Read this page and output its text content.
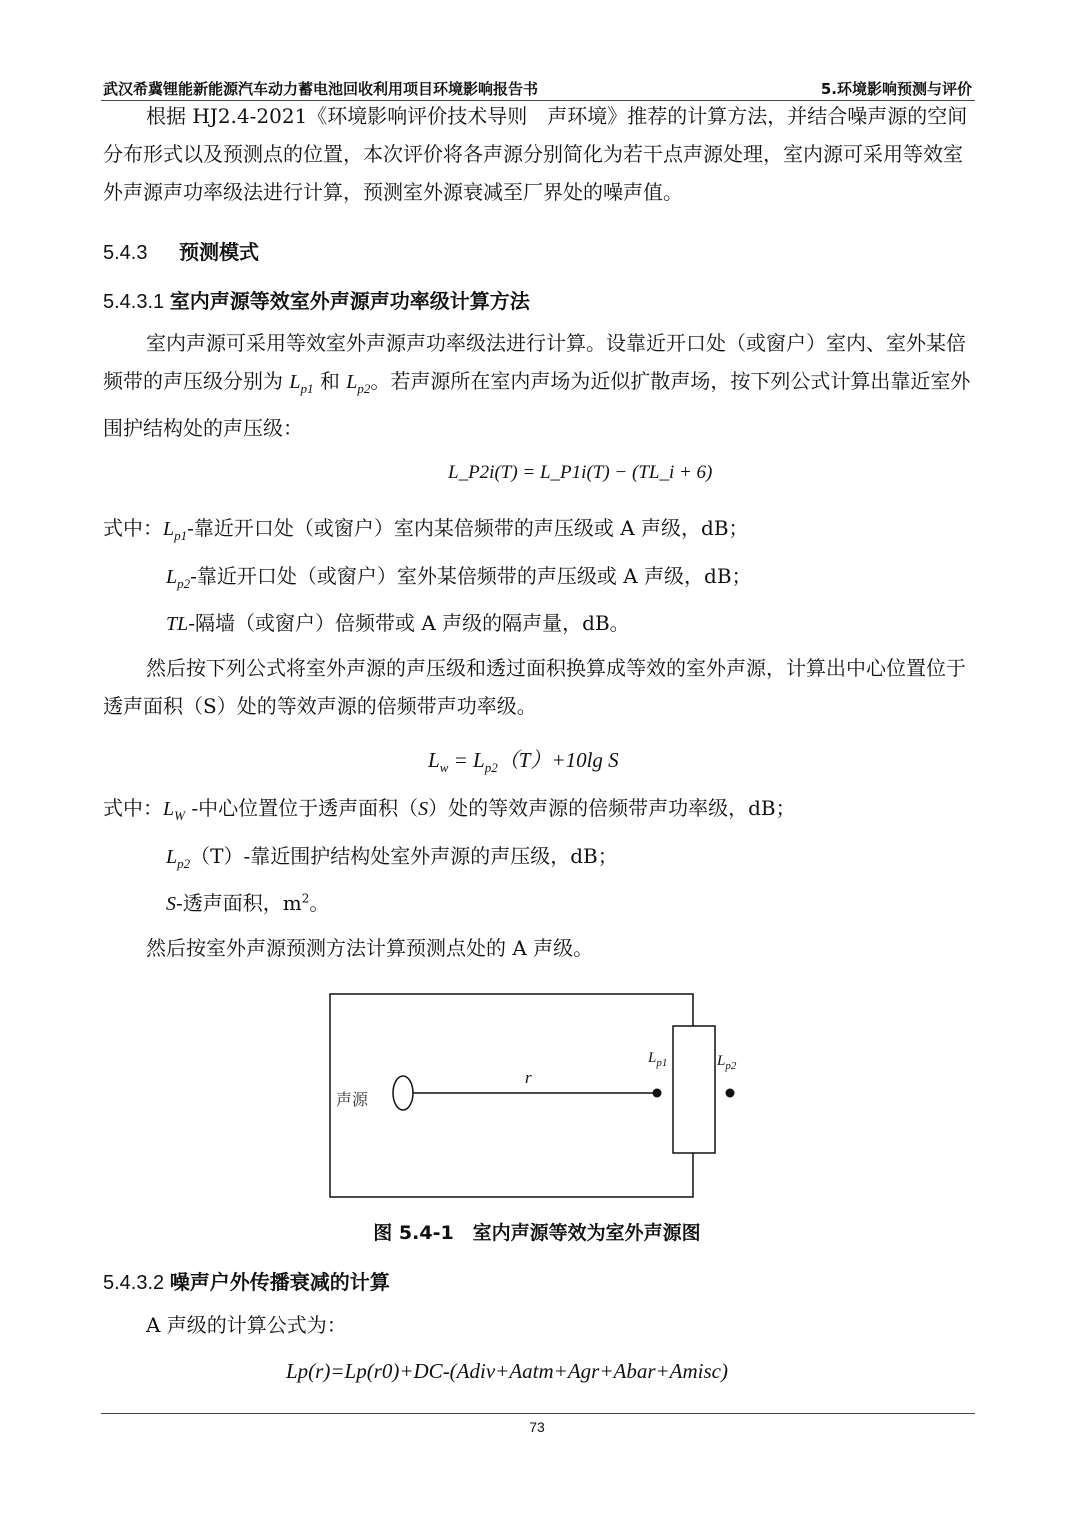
武汉希冀锂能新能源汽车动力蓄电池回收利用项目环境影响报告书	5.环境影响预测与评价
根据 HJ2.4-2021《环境影响评价技术导则　声环境》推荐的计算方法，并结合噪声源的空间分布形式以及预测点的位置，本次评价将各声源分别简化为若干点声源处理，室内源可采用等效室外声源声功率级法进行计算，预测室外源衰减至厂界处的噪声值。
5.4.3 预测模式
5.4.3.1 室内声源等效室外声源声功率级计算方法
室内声源可采用等效室外声源声功率级法进行计算。设靠近开口处（或窗户）室内、室外某倍频带的声压级分别为 $L_{p1}$ 和 $L_{p2}$。若声源所在室内声场为近似扩散声场，按下列公式计算出靠近室外围护结构处的声压级：
L_P2i(T) = L_P1i(T) − (TL_i + 6)
式中：$L_{p1}-$靠近开口处（或窗户）室内某倍频带的声压级或 A 声级，dB；
$L_{p2}-$靠近开口处（或窗户）室外某倍频带的声压级或 A 声级，dB；
TL-隔墙（或窗户）倍频带或 A 声级的隔声量，dB。
然后按下列公式将室外声源的声压级和透过面积换算成等效的室外声源，计算出中心位置位于透声面积（S）处的等效声源的倍频带声功率级。
$L_w = L_{p2}(T)+10\lg$ S
式中：$L_W$ -中心位置位于透声面积（S）处的等效声源的倍频带声功率级，dB；
$L_{p2}(T)-$靠近围护结构处室外声源的声压级，dB；
S-透声面积，$m^2$。
然后按室外声源预测方法计算预测点处的 A 声级。
声源
r
$L_{p1}$	$L_{p2}$
图 5.4-1　室内声源等效为室外声源图
5.4.3.2 噪声户外传播衰减的计算
A 声级的计算公式为：
Lp(r)=Lp(r0)+DC-(Adiv+Aatm+Agr+Abar+Amisc)
73
